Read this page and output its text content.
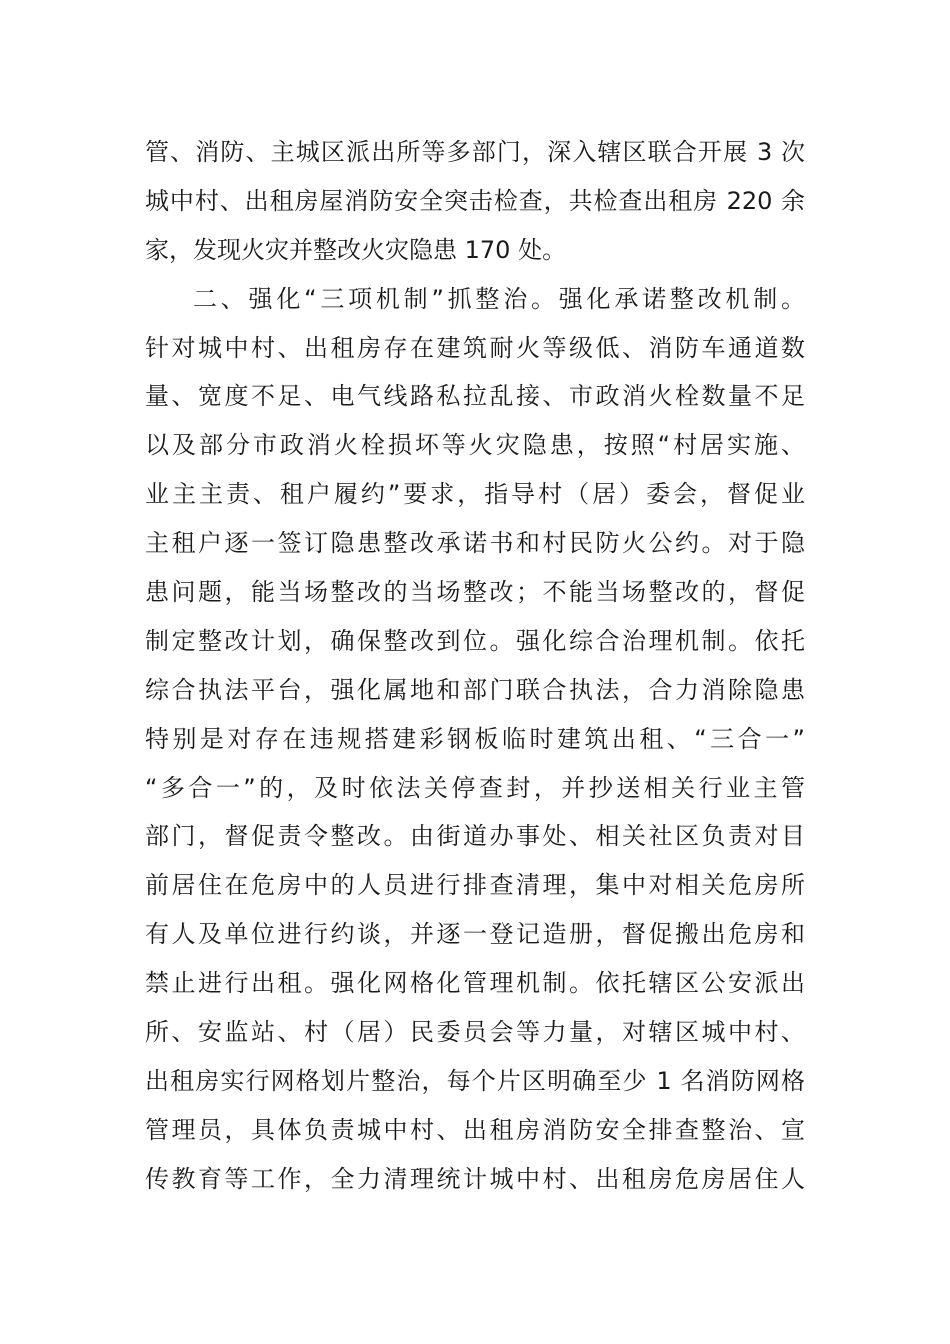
管、消防、主城区派出所等多部门，深入辖区联合开展 3 次
城中村、出租房屋消防安全突击检查，共检查出租房 220 余
家，发现火灾并整改火灾隐患 170 处。
二、强化“三项机制”抓整治。强化承诺整改机制。
针对城中村、出租房存在建筑耐火等级低、消防车通道数
量、宽度不足、电气线路私拉乱接、市政消火栓数量不足
以及部分市政消火栓损坏等火灾隐患，按照“村居实施、
业主主责、租户履约”要求，指导村（居）委会，督促业
主租户逐一签订隐患整改承诺书和村民防火公约。对于隐
患问题，能当场整改的当场整改；不能当场整改的，督促
制定整改计划，确保整改到位。强化综合治理机制。依托
综合执法平台，强化属地和部门联合执法，合力消除隐患
特别是对存在违规搭建彩钢板临时建筑出租、“三合一”
“多合一”的，及时依法关停查封，并抄送相关行业主管
部门，督促责令整改。由街道办事处、相关社区负责对目
前居住在危房中的人员进行排查清理，集中对相关危房所
有人及单位进行约谈，并逐一登记造册，督促搬出危房和
禁止进行出租。强化网格化管理机制。依托辖区公安派出
所、安监站、村（居）民委员会等力量，对辖区城中村、
出租房实行网格划片整治，每个片区明确至少 1 名消防网格
管理员，具体负责城中村、出租房消防安全排查整治、宣
传教育等工作，全力清理统计城中村、出租房危房居住人
